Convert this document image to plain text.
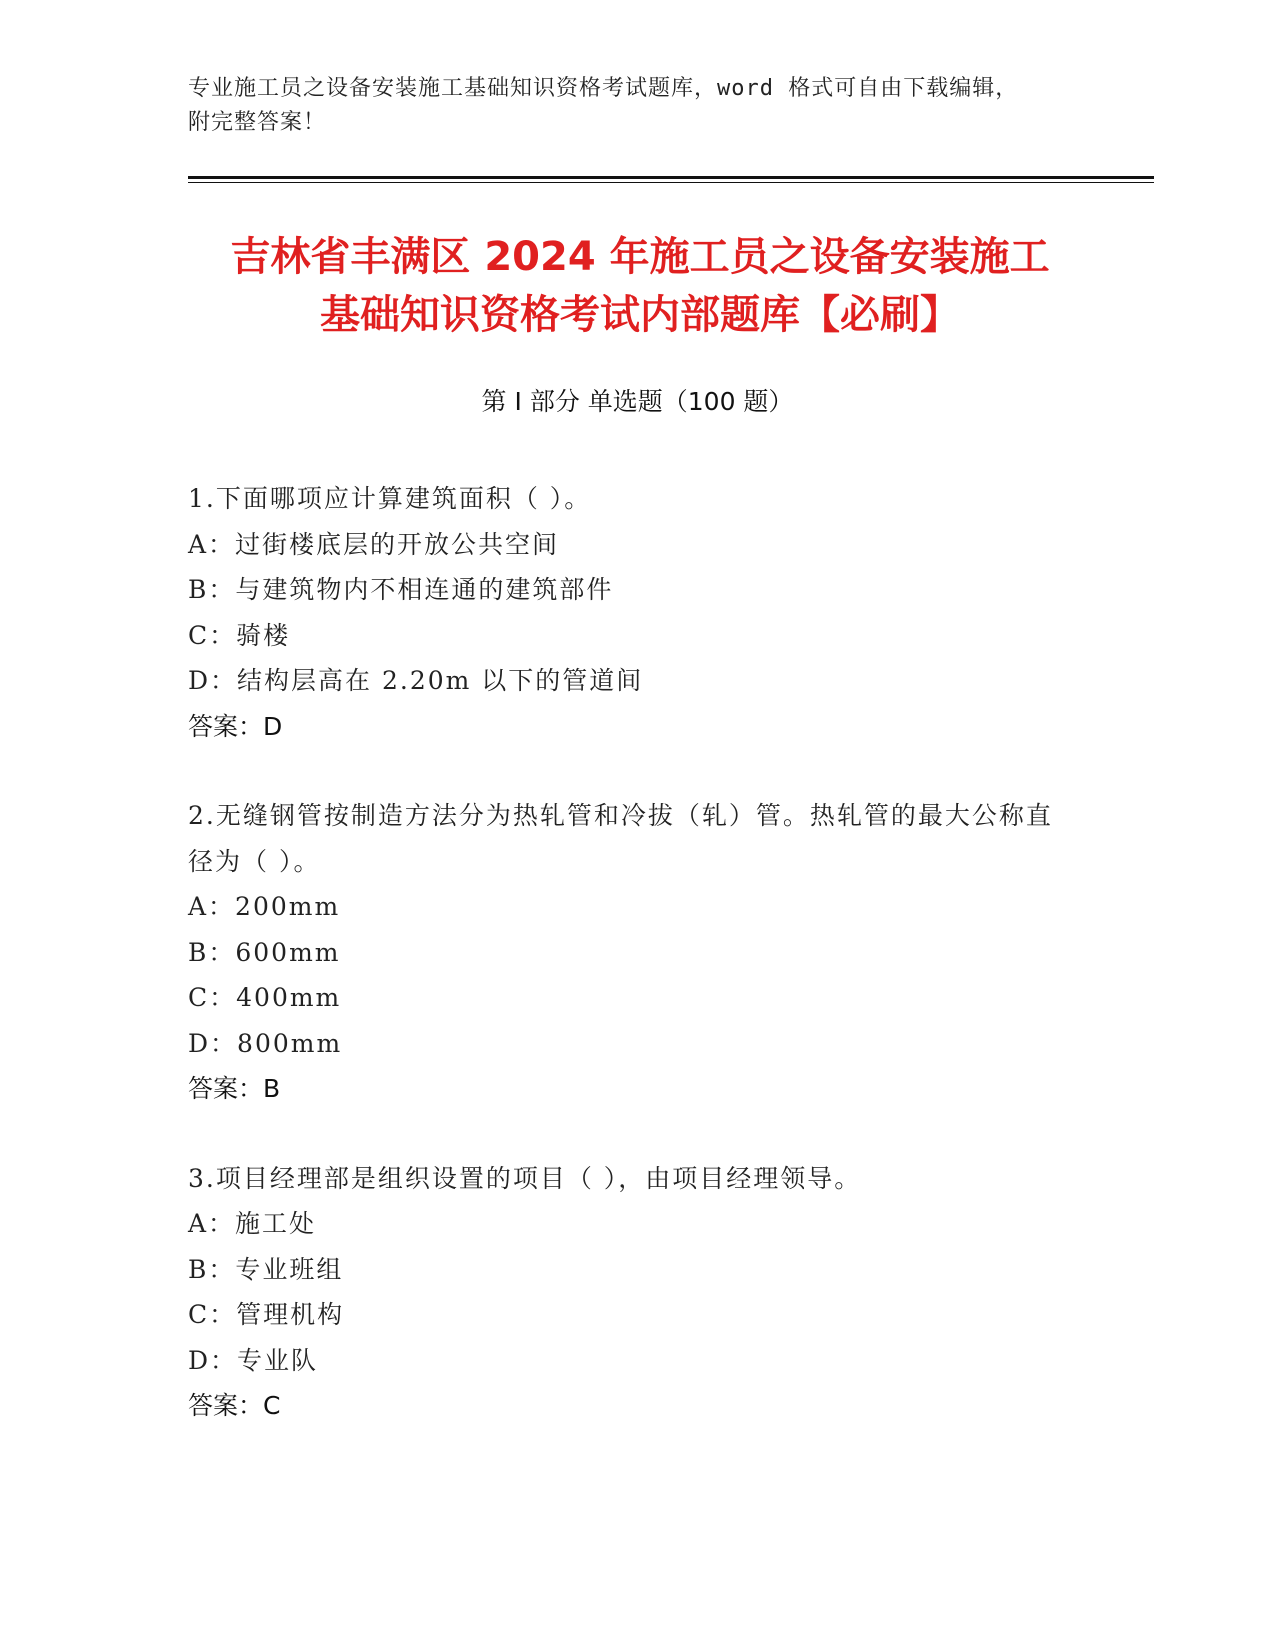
专业施工员之设备安装施工基础知识资格考试题库，word 格式可自由下载编辑，
附完整答案！
吉林省丰满区 2024 年施工员之设备安装施工
基础知识资格考试内部题库【必刷】
第 I 部分 单选题（100 题）
1.下面哪项应计算建筑面积（ ）。
A：过街楼底层的开放公共空间
B：与建筑物内不相连通的建筑部件
C：骑楼
D：结构层高在 2.20m 以下的管道间
答案：D
2.无缝钢管按制造方法分为热轧管和冷拔（轧）管。热轧管的最大公称直径为（ ）。
A：200mm
B：600mm
C：400mm
D：800mm
答案：B
3.项目经理部是组织设置的项目（ ），由项目经理领导。
A：施工处
B：专业班组
C：管理机构
D：专业队
答案：C
